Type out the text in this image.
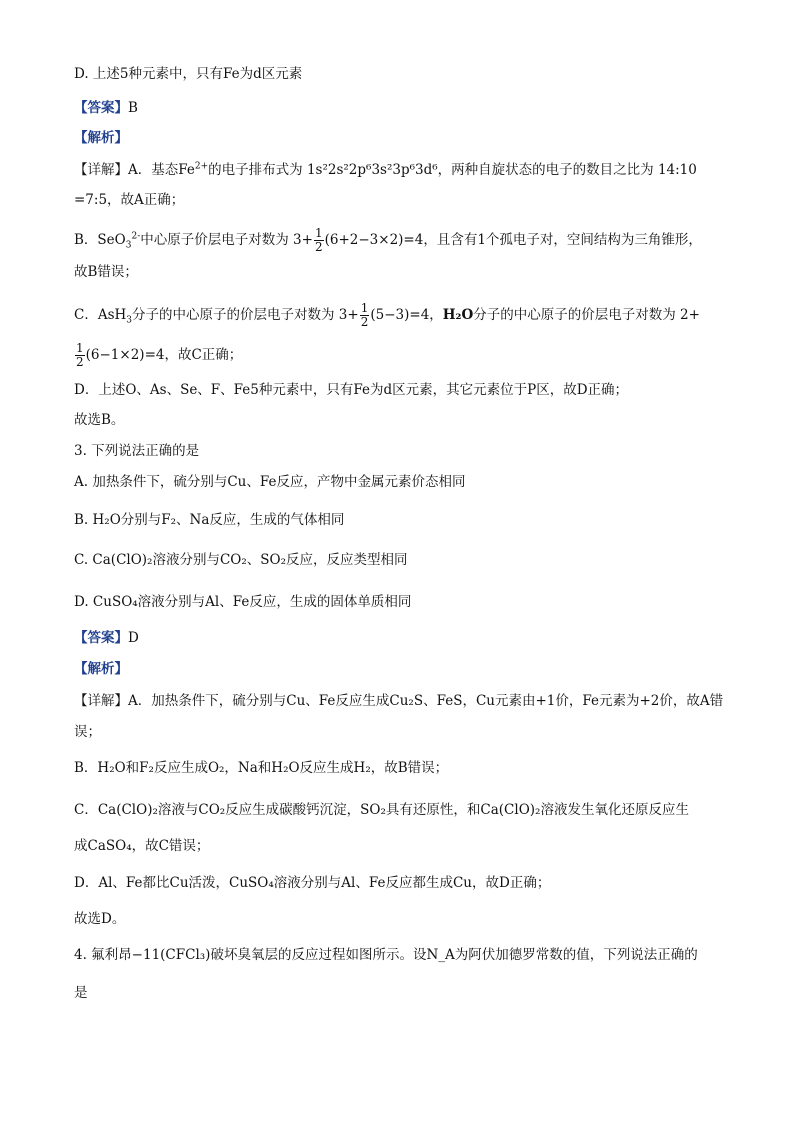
D. 上述5种元素中，只有Fe为d区元素
【答案】B
【解析】
【详解】A．基态$Fe^{2+}$的电子排布式为 1s²2s²2p⁶3s²3p⁶3d⁶，两种自旋状态的电子的数目之比为 14:10
=7:5，故A正确；
B．SeO$_3^{2-}$中心原子价层电子对数为 $3+ \frac{1}{2} (6+2-3\times 2)=4$，且含有1个孤电子对，空间结构为三角锥形，
故B错误；
C．AsH$_3$分子的中心原子的价层电子对数为 $3+ \frac{1}{2} (5-3)=4$，H₂O分子的中心原子的价层电子对数为 2+
$\frac{1}{2} (6-1\times 2)=4$，故C正确；
D．上述O、As、Se、F、Fe5种元素中，只有Fe为d区元素，其它元素位于P区，故D正确；
故选B。
3. 下列说法正确的是
A. 加热条件下，硫分别与Cu、Fe反应，产物中金属元素价态相同
B. H₂O分别与F₂、Na反应，生成的气体相同
C. Ca(ClO)₂溶液分别与CO₂、SO₂反应，反应类型相同
D. CuSO₄溶液分别与Al、Fe反应，生成的固体单质相同
【答案】D
【解析】
【详解】A．加热条件下，硫分别与Cu、Fe反应生成Cu₂S、FeS，Cu元素由+1价，Fe元素为+2价，故A错
误；
B．H₂O和F₂反应生成O₂，Na和H₂O反应生成H₂，故B错误；
C．Ca(ClO)₂溶液与CO₂反应生成碳酸钙沉淀，SO₂具有还原性，和Ca(ClO)₂溶液发生氧化还原反应生
成CaSO₄，故C错误；
D．Al、Fe都比Cu活泼，CuSO₄溶液分别与Al、Fe反应都生成Cu，故D正确；
故选D。
4. 氟利昂−11(CFCl₃)破坏臭氧层的反应过程如图所示。设N_A为阿伏加德罗常数的值，下列说法正确的
是
